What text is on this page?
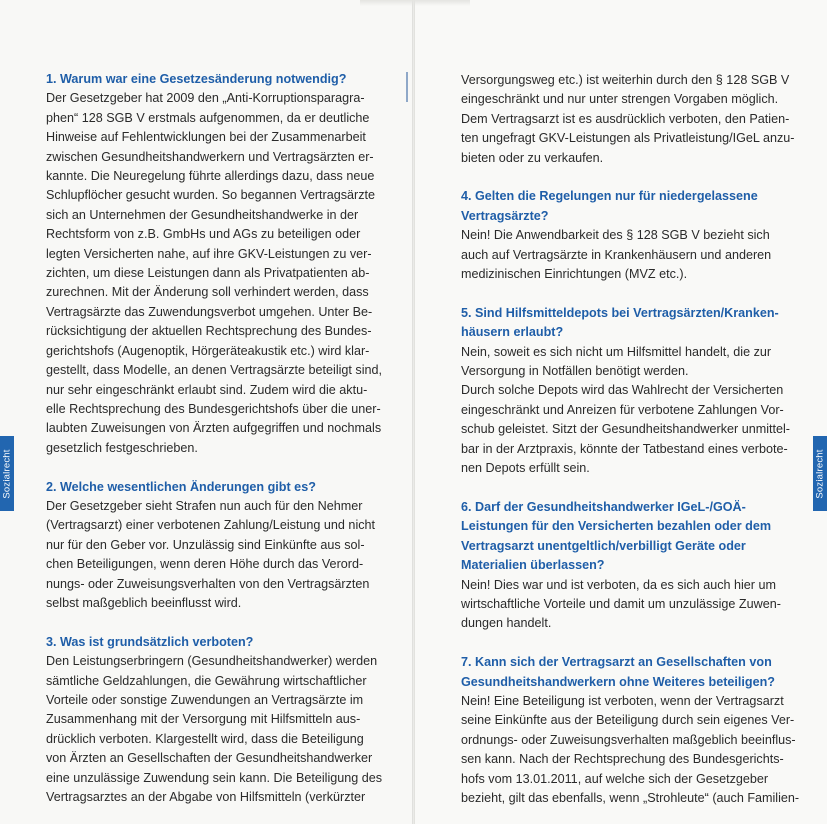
1. Warum war eine Gesetzesänderung notwendig?

Der Gesetzgeber hat 2009 den „Anti-Korruptionsparagra-

phen“ 128 SGB V erstmals aufgenommen, da er deutliche

Hinweise auf Fehlentwicklungen bei der Zusammenarbeit

zwischen Gesundheitshandwerkern und Vertragsärzten er-

kannte. Die Neuregelung führte allerdings dazu, dass neue

Schlupflöcher gesucht wurden. So begannen Vertragsärzte

sich an Unternehmen der Gesundheitshandwerke in der

Rechtsform von z.B. GmbHs und AGs zu beteiligen oder

legten Versicherten nahe, auf ihre GKV-Leistungen zu ver-

zichten, um diese Leistungen dann als Privatpatienten ab-

zurechnen. Mit der Änderung soll verhindert werden, dass

Vertragsärzte das Zuwendungsverbot umgehen. Unter Be-

rücksichtigung der aktuellen Rechtsprechung des Bundes-

gerichtshofs (Augenoptik, Hörgeräteakustik etc.) wird klar-

gestellt, dass Modelle, an denen Vertragsärzte beteiligt sind,

nur sehr eingeschränkt erlaubt sind. Zudem wird die aktu-

elle Rechtsprechung des Bundesgerichtshofs über die uner-

laubten Zuweisungen von Ärzten aufgegriffen und nochmals

gesetzlich festgeschrieben.

2. Welche wesentlichen Änderungen gibt es?

Der Gesetzgeber sieht Strafen nun auch für den Nehmer

(Vertragsarzt) einer verbotenen Zahlung/Leistung und nicht

nur für den Geber vor. Unzulässig sind Einkünfte aus sol-

chen Beteiligungen, wenn deren Höhe durch das Verord-

nungs- oder Zuweisungsverhalten von den Vertragsärzten

selbst maßgeblich beeinflusst wird.

3. Was ist grundsätzlich verboten?

Den Leistungserbringern (Gesundheitshandwerker) werden

sämtliche Geldzahlungen, die Gewährung wirtschaftlicher

Vorteile oder sonstige Zuwendungen an Vertragsärzte im

Zusammenhang mit der Versorgung mit Hilfsmitteln aus-

drücklich verboten. Klargestellt wird, dass die Beteiligung

von Ärzten an Gesellschaften der Gesundheitshandwerker

eine unzulässige Zuwendung sein kann. Die Beteiligung des

Vertragsarztes an der Abgabe von Hilfsmitteln (verkürzter

Versorgungsweg etc.) ist weiterhin durch den § 128 SGB V

eingeschränkt und nur unter strengen Vorgaben möglich.

Dem Vertragsarzt ist es ausdrücklich verboten, den Patien-

ten ungefragt GKV-Leistungen als Privatleistung/IGeL anzu-

bieten oder zu verkaufen.

4. Gelten die Regelungen nur für niedergelassene

Vertragsärzte?

Nein! Die Anwendbarkeit des § 128 SGB V bezieht sich

auch auf Vertragsärzte in Krankenhäusern und anderen

medizinischen Einrichtungen (MVZ etc.).

5. Sind Hilfsmitteldepots bei Vertragsärzten/Kranken-

häusern erlaubt?

Nein, soweit es sich nicht um Hilfsmittel handelt, die zur

Versorgung in Notfällen benötigt werden.

Durch solche Depots wird das Wahlrecht der Versicherten

eingeschränkt und Anreizen für verbotene Zahlungen Vor-

schub geleistet. Sitzt der Gesundheitshandwerker unmittel-

bar in der Arztpraxis, könnte der Tatbestand eines verbote-

nen Depots erfüllt sein.

6. Darf der Gesundheitshandwerker IGeL-/GOÄ-

Leistungen für den Versicherten bezahlen oder dem

Vertragsarzt unentgeltlich/verbilligt Geräte oder

Materialien überlassen?

Nein! Dies war und ist verboten, da es sich auch hier um

wirtschaftliche Vorteile und damit um unzulässige Zuwen-

dungen handelt.

7. Kann sich der Vertragsarzt an Gesellschaften von

Gesundheitshandwerkern ohne Weiteres beteiligen?

Nein! Eine Beteiligung ist verboten, wenn der Vertragsarzt

seine Einkünfte aus der Beteiligung durch sein eigenes Ver-

ordnungs- oder Zuweisungsverhalten maßgeblich beeinflus-

sen kann. Nach der Rechtsprechung des Bundesgerichts-

hofs vom 13.01.2011, auf welche sich der Gesetzgeber

bezieht, gilt das ebenfalls, wenn „Strohleute“ (auch Familien-

Sozialrecht	Sozialrecht
